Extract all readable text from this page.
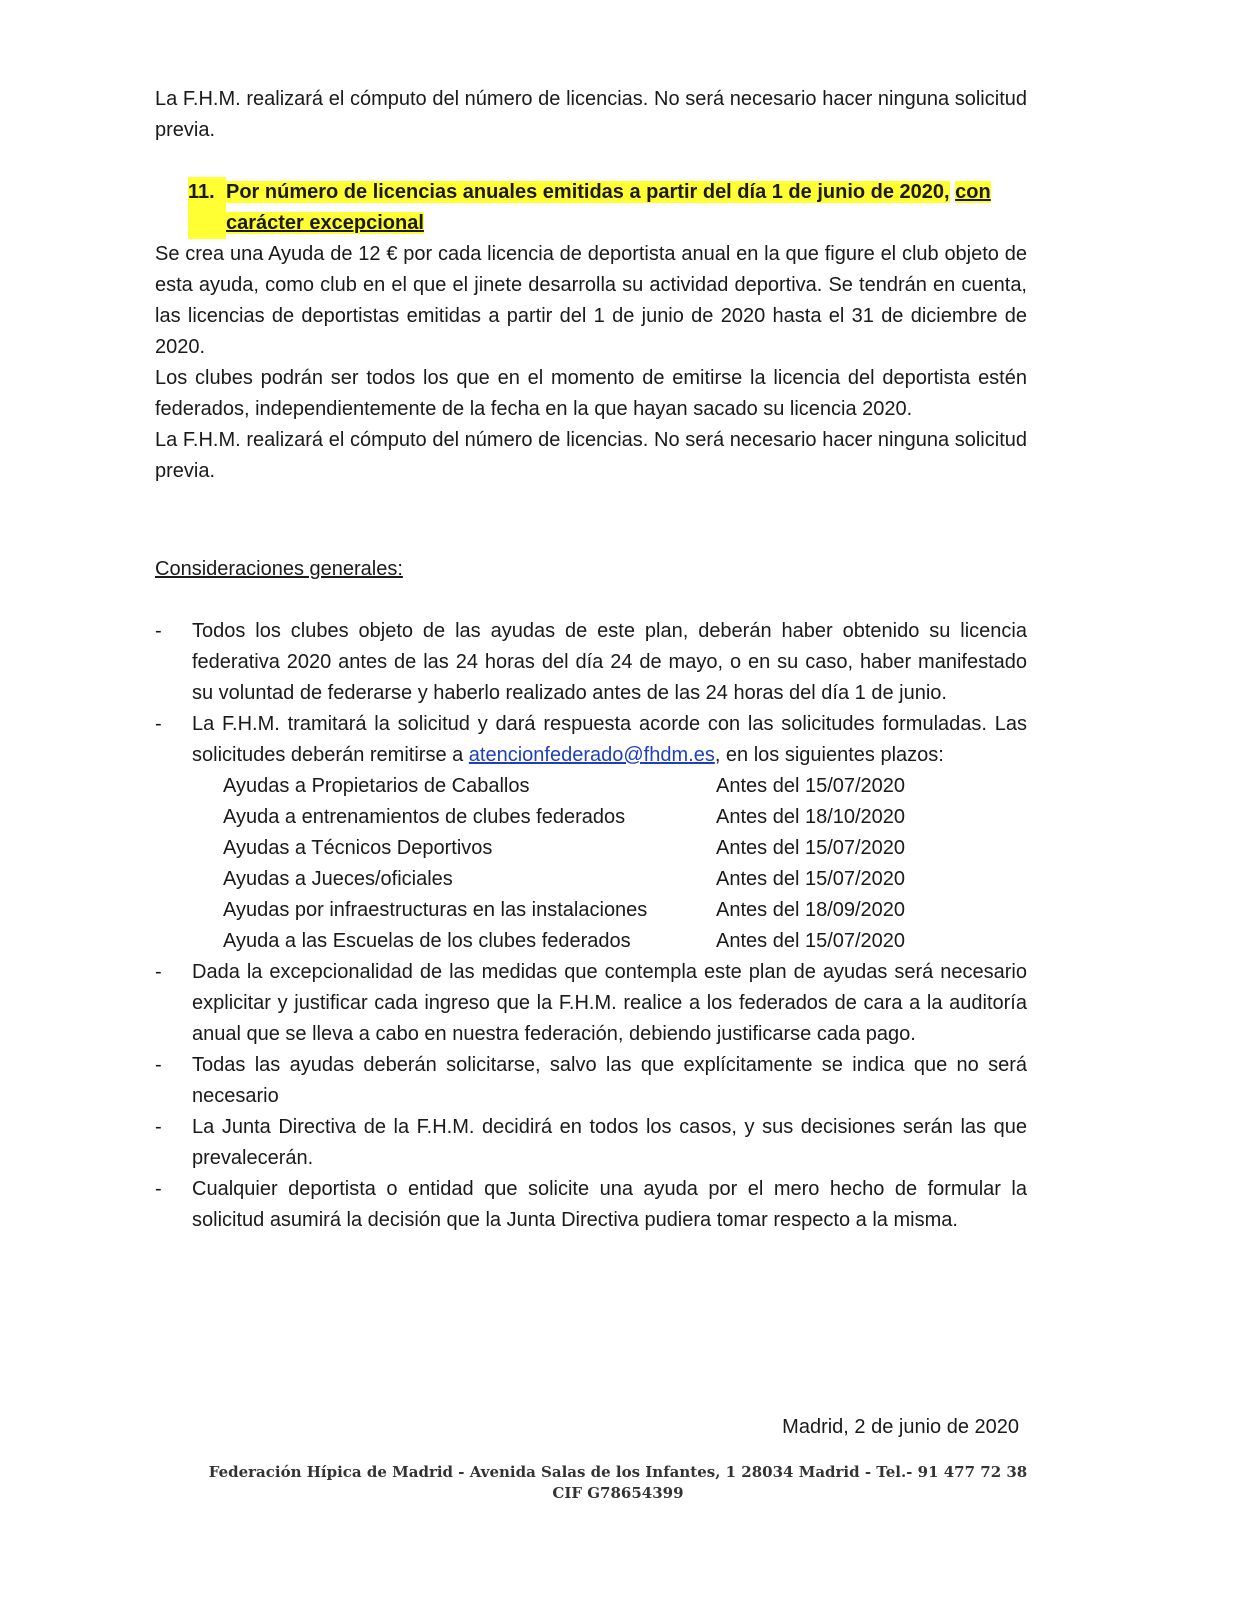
La F.H.M. realizará el cómputo del número de licencias. No será necesario hacer ninguna solicitud previa.

11. Por número de licencias anuales emitidas a partir del día 1 de junio de 2020, con carácter excepcional

Se crea una Ayuda de 12 € por cada licencia de deportista anual en la que figure el club objeto de esta ayuda, como club en el que el jinete desarrolla su actividad deportiva. Se tendrán en cuenta, las licencias de deportistas emitidas a partir del 1 de junio de 2020 hasta el 31 de diciembre de 2020.

Los clubes podrán ser todos los que en el momento de emitirse la licencia del deportista estén federados, independientemente de la fecha en la que hayan sacado su licencia 2020.

La F.H.M. realizará el cómputo del número de licencias. No será necesario hacer ninguna solicitud previa.

Consideraciones generales:

- Todos los clubes objeto de las ayudas de este plan, deberán haber obtenido su licencia federativa 2020 antes de las 24 horas del día 24 de mayo, o en su caso, haber manifestado su voluntad de federarse y haberlo realizado antes de las 24 horas del día 1 de junio.
- La F.H.M. tramitará la solicitud y dará respuesta acorde con las solicitudes formuladas. Las solicitudes deberán remitirse a atencionfederado@fhdm.es, en los siguientes plazos:
Ayudas a Propietarios de Caballos	Antes del 15/07/2020
Ayuda a entrenamientos de clubes federados	Antes del 18/10/2020
Ayudas a Técnicos Deportivos	Antes del 15/07/2020
Ayudas a Jueces/oficiales	Antes del 15/07/2020
Ayudas por infraestructuras en las instalaciones	Antes del 18/09/2020
Ayuda a las Escuelas de los clubes federados	Antes del 15/07/2020
- Dada la excepcionalidad de las medidas que contempla este plan de ayudas será necesario explicitar y justificar cada ingreso que la F.H.M. realice a los federados de cara a la auditoría anual que se lleva a cabo en nuestra federación, debiendo justificarse cada pago.
- Todas las ayudas deberán solicitarse, salvo las que explícitamente se indica que no será necesario
- La Junta Directiva de la F.H.M. decidirá en todos los casos, y sus decisiones serán las que prevalecerán.
- Cualquier deportista o entidad que solicite una ayuda por el mero hecho de formular la solicitud asumirá la decisión que la Junta Directiva pudiera tomar respecto a la misma.
Madrid, 2 de junio de 2020
Federación Hípica de Madrid - Avenida Salas de los Infantes, 1 28034 Madrid - Tel.- 91 477 72 38
CIF G78654399
